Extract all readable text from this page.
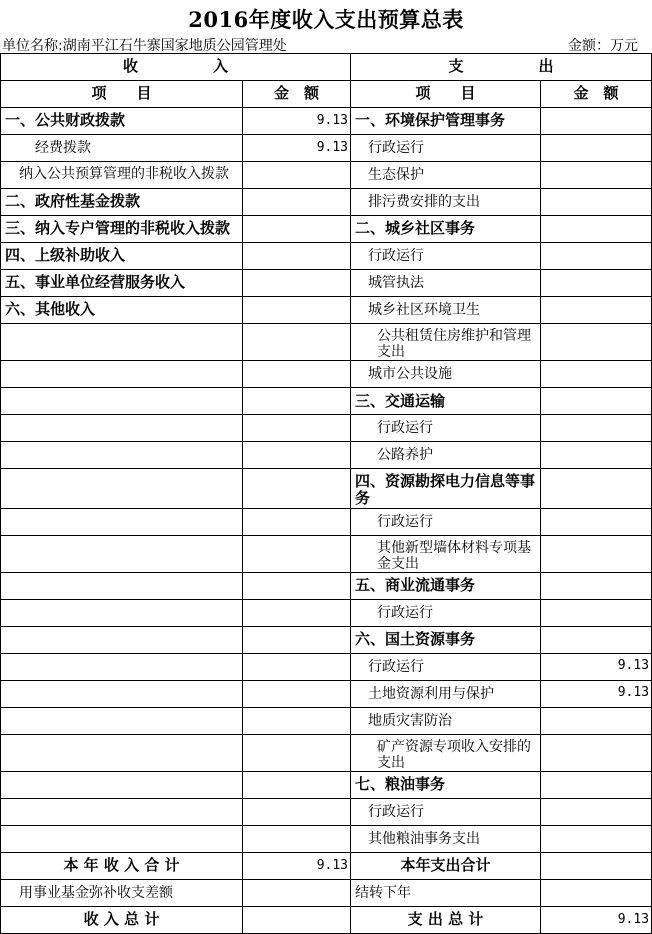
2016年度收入支出预算总表
单位名称:湖南平江石牛寨国家地质公园管理处	金额：万元
收　　　　　入		支　　　　　出	
项　　目	金　额	项　　目	金　额
一、公共财政拨款	9.13	一、环境保护管理事务	
经费拨款	9.13	行政运行	
纳入公共预算管理的非税收入拨款		生态保护	
二、政府性基金拨款		排污费安排的支出	
三、纳入专户管理的非税收入拨款		二、城乡社区事务	
四、上级补助收入		行政运行	
五、事业单位经营服务收入		城管执法	
六、其他收入		城乡社区环境卫生	
		公共租赁住房维护和管理支出	
		城市公共设施	
		三、交通运输	
		行政运行	
		公路养护	
		四、资源勘探电力信息等事务	
		行政运行	
		其他新型墙体材料专项基金支出	
		五、商业流通事务	
		行政运行	
		六、国土资源事务	
		行政运行	9.13
		土地资源利用与保护	9.13
		地质灾害防治	
		矿产资源专项收入安排的支出	
		七、粮油事务	
		行政运行	
		其他粮油事务支出	
本 年 收 入 合 计	9.13	本年支出合计	
用事业基金弥补收支差额		结转下年	
收 入 总 计		支 出 总 计	9.13
